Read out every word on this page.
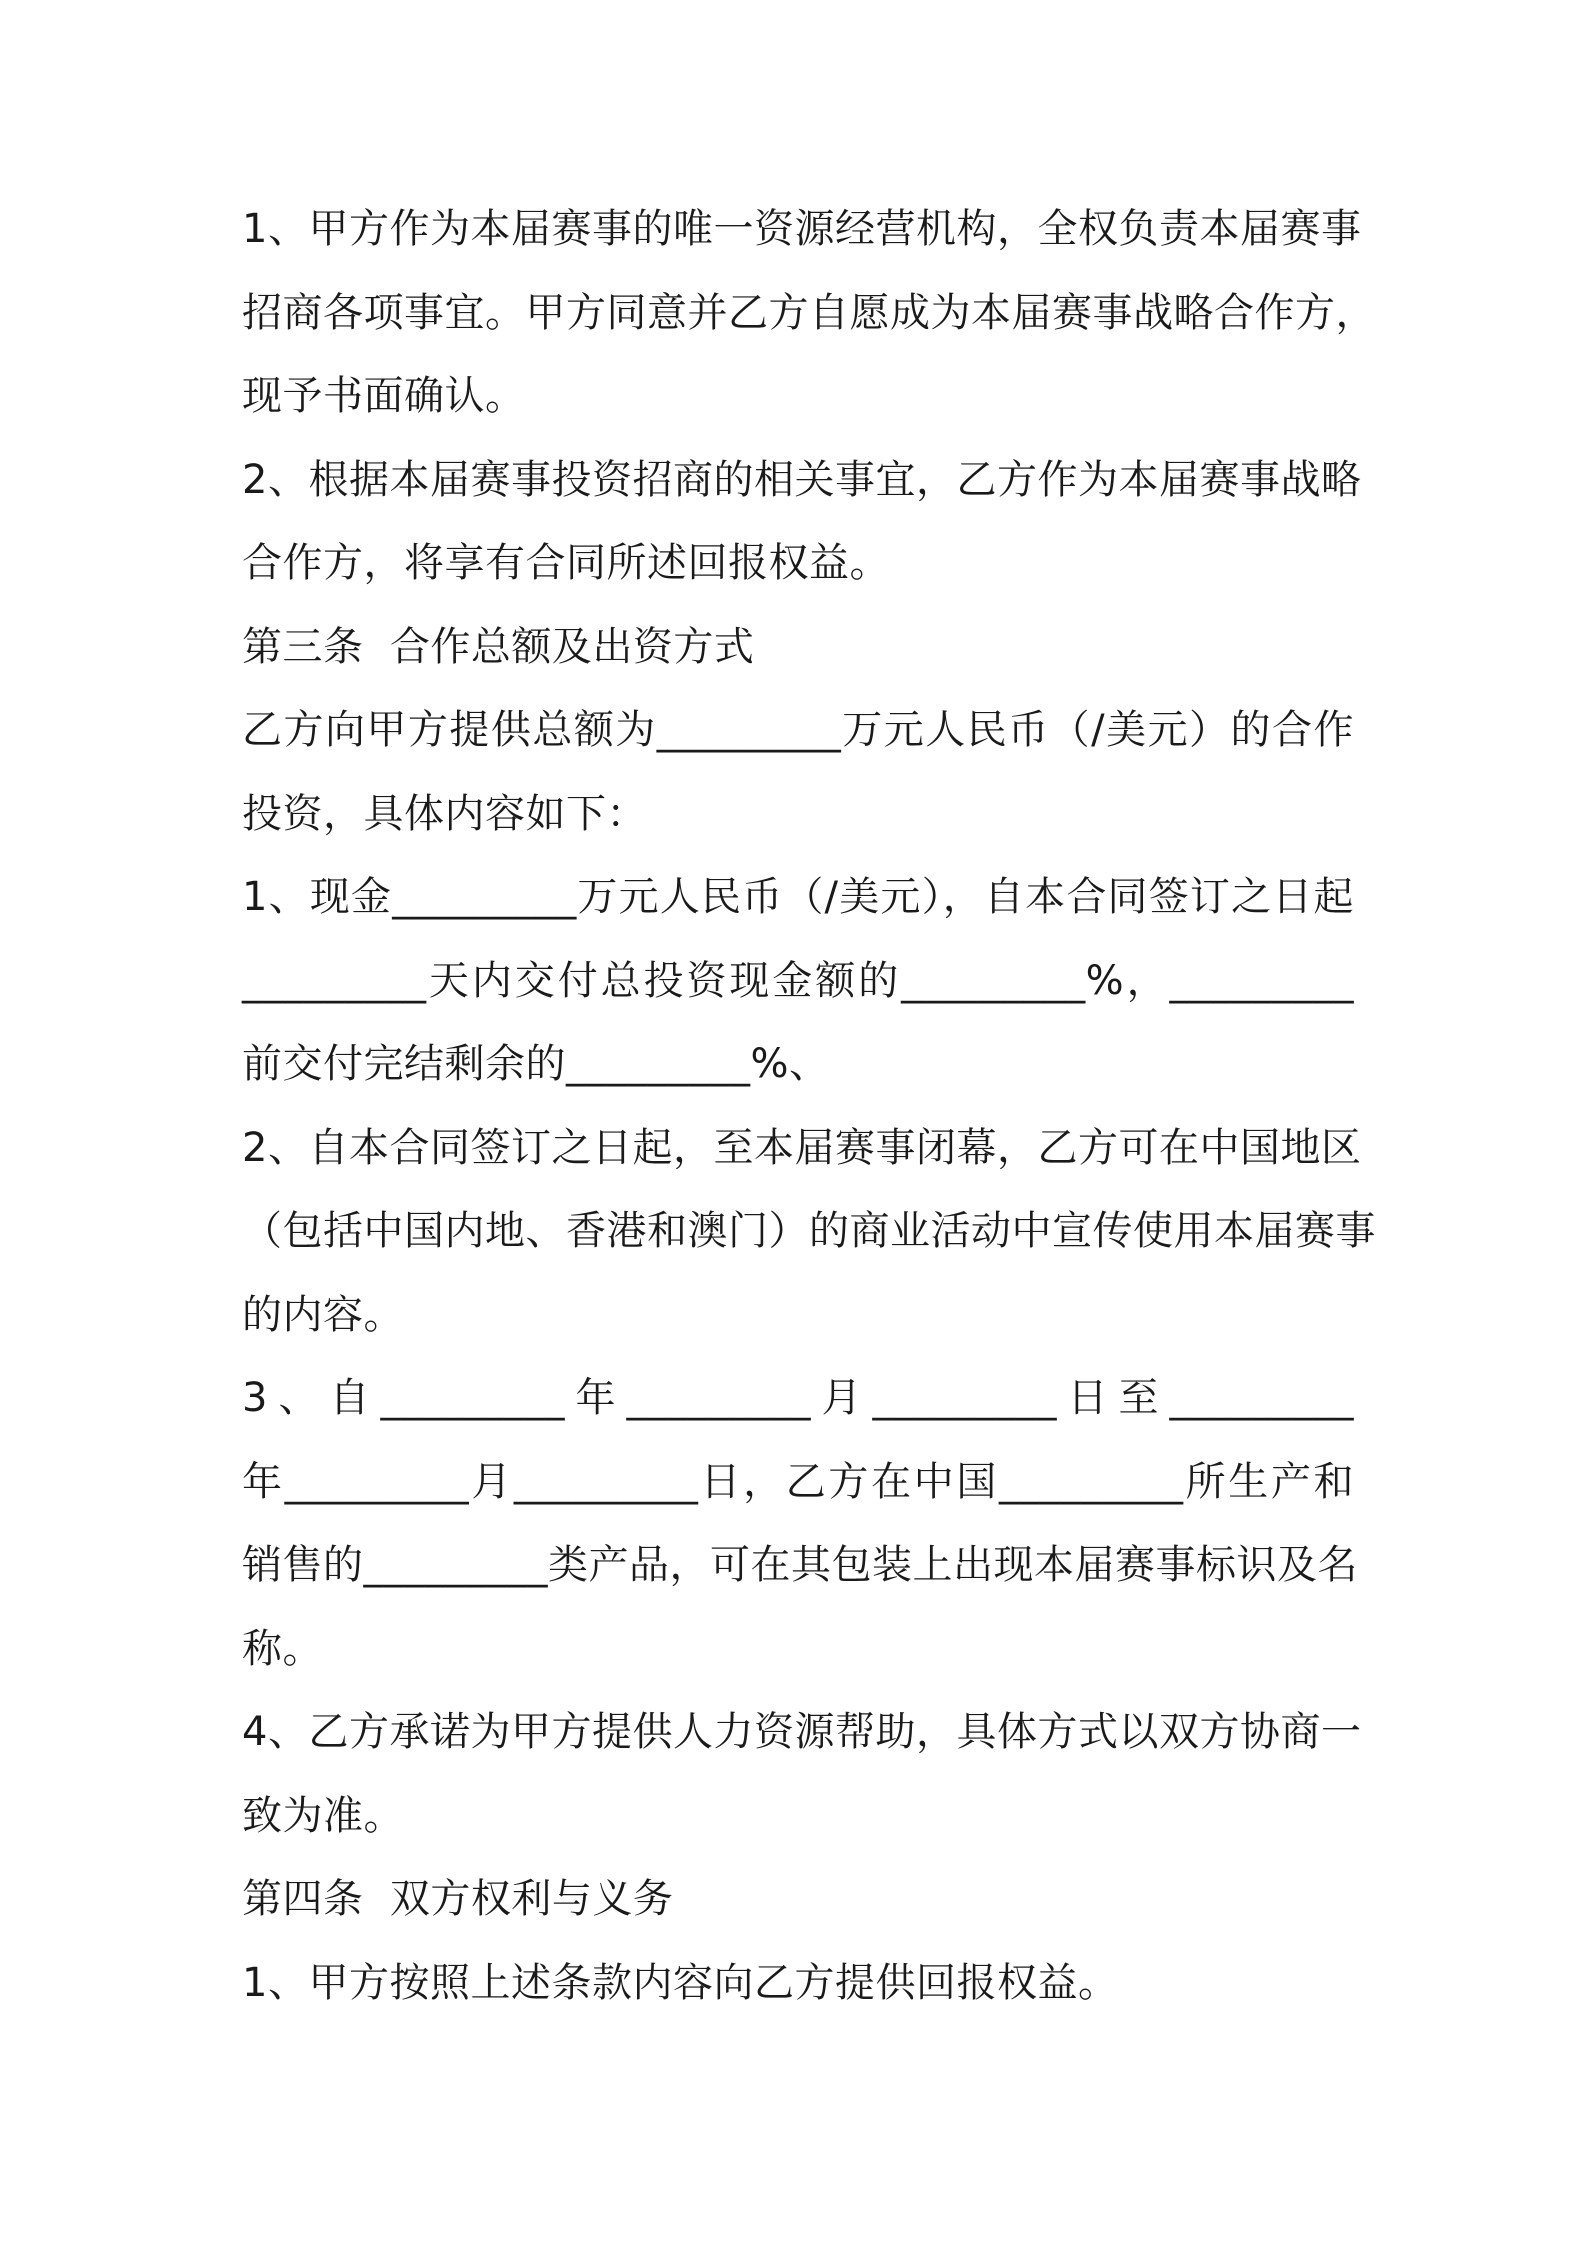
1、甲方作为本届赛事的唯一资源经营机构，全权负责本届赛事
招商各项事宜。甲方同意并乙方自愿成为本届赛事战略合作方，
现予书面确认。
2、根据本届赛事投资招商的相关事宜，乙方作为本届赛事战略
合作方，将享有合同所述回报权益。
第三条  合作总额及出资方式
乙方向甲方提供总额为_________万元人民币（/美元）的合作
投资，具体内容如下：
1、现金_________万元人民币（/美元），自本合同签订之日起
_________天内交付总投资现金额的_________%，_________
前交付完结剩余的_________%、
2、自本合同签订之日起，至本届赛事闭幕，乙方可在中国地区
（包括中国内地、香港和澳门）的商业活动中宣传使用本届赛事
的内容。
3、自_________年_________月_________日至_________
年_________月_________日，乙方在中国_________所生产和
销售的_________类产品，可在其包装上出现本届赛事标识及名
称。
4、乙方承诺为甲方提供人力资源帮助，具体方式以双方协商一
致为准。
第四条  双方权利与义务
1、甲方按照上述条款内容向乙方提供回报权益。
